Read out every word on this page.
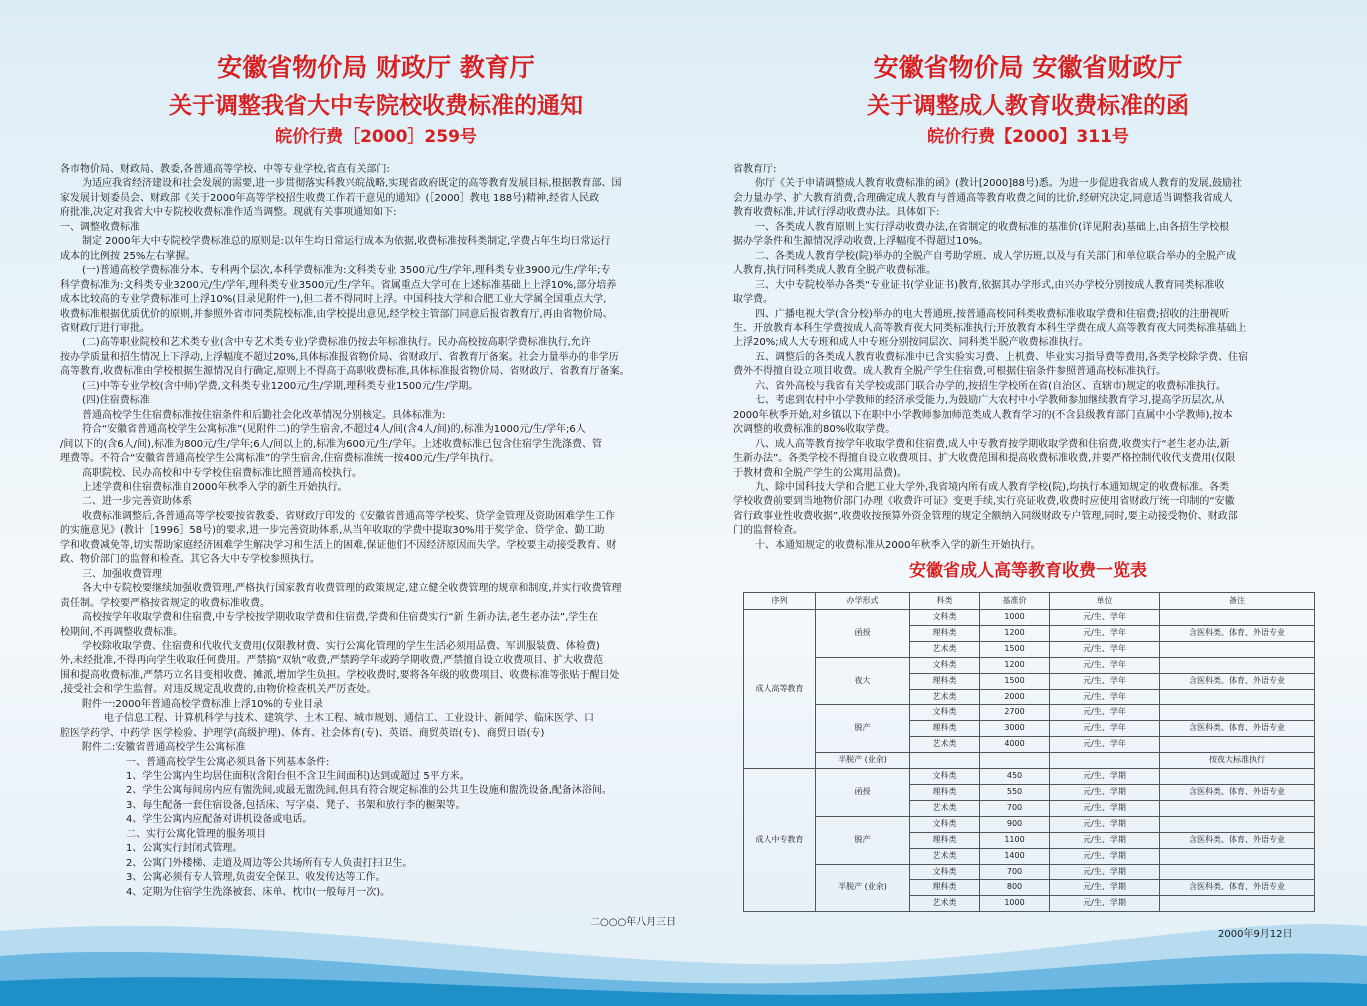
安徽省物价局 财政厅 教育厅
关于调整我省大中专院校收费标准的通知
皖价行费［2000］259号

各市物价局、财政局、教委,各普通高等学校、中等专业学校,省直有关部门:

为适应我省经济建设和社会发展的需要,进一步贯彻落实科教兴皖战略,实现省政府既定的高等教育发展目标,根据教育部、国

家发展计划委员会、财政部《关于2000年高等学校招生收费工作若干意见的通知》(［2000］教电 188号)精神,经省人民政

府批准,决定对我省大中专院校收费标准作适当调整。现就有关事项通知如下:

一、调整收费标准

制定 2000年大中专院校学费标准总的原则是:以年生均日常运行成本为依据,收费标准按科类制定,学费占年生均日常运行

成本的比例按 25%左右掌握。

(一)普通高校学费标准分本、专科两个层次,本科学费标准为:文科类专业 3500元/生/学年,理科类专业3900元/生/学年;专

科学费标准为:文科类专业3200元/生/学年,理科类专业3500元/生/学年。省属重点大学可在上述标准基础上上浮10%,部分培养

成本比较高的专业学费标准可上浮10%(目录见附件一),但二者不得同时上浮。中国科技大学和合肥工业大学属全国重点大学,

收费标准根据优质优价的原则,并参照外省市同类院校标准,由学校提出意见,经学校主管部门同意后报省教育厅,再由省物价局、

省财政厅进行审批。

(二)高等职业院校和艺术类专业(含中专艺术类专业)学费标准仍按去年标准执行。民办高校按高职学费标准执行,允许

按办学质量和招生情况上下浮动,上浮幅度不超过20%,具体标准报省物价局、省财政厅、省教育厅备案。社会力量举办的非学历

高等教育,收费标准由学校根据生源情况自行确定,原则上不得高于高职收费标准,具体标准报省物价局、省财政厅、省教育厅备案。

(三)中等专业学校(含中师)学费,文科类专业1200元/生/学期,理科类专业1500元/生/学期。

(四)住宿费标准

普通高校学生住宿费标准按住宿条件和后勤社会化改革情况分别核定。具体标准为:

符合“安徽省普通高校学生公寓标准”(见附件二)的学生宿舍,不超过4人/间(含4人/间)的,标准为1000元/生/学年;6人

/间以下的(含6人/间),标准为800元/生/学年;6人/间以上的,标准为600元/生/学年。上述收费标准已包含住宿学生洗涤费、管

理费等。不符合“安徽省普通高校学生公寓标准”的学生宿舍,住宿费标准统一按400元/生/学年执行。

高职院校、民办高校和中专学校住宿费标准比照普通高校执行。

上述学费和住宿费标准自2000年秋季入学的新生开始执行。

二、进一步完善资助体系

收费标准调整后,各普通高等学校要按省教委、省财政厅印发的《安徽省普通高等学校奖、贷学金管理及资助困难学生工作

的实施意见》(教计［1996］58号)的要求,进一步完善资助体系,从当年收取的学费中提取30%用于奖学金、贷学金、勤工助

学和收费减免等,切实帮助家庭经济困难学生解决学习和生活上的困难,保证他们不因经济原因而失学。学校要主动接受教育、财

政、物价部门的监督和检查。其它各大中专学校参照执行。

三、加强收费管理

各大中专院校要继续加强收费管理,严格执行国家教育收费管理的政策规定,建立健全收费管理的规章和制度,并实行收费管理

责任制。学校要严格按省规定的收费标准收费。

高校按学年收取学费和住宿费,中专学校按学期收取学费和住宿费,学费和住宿费实行“新 生新办法,老生老办法”,学生在

校期间,不再调整收费标准。

学校除收取学费、住宿费和代收代支费用(仅限教材费、实行公寓化管理的学生生活必须用品费、军训服装费、体检费)

外,未经批准,不得再向学生收取任何费用。严禁搞“双轨”收费,严禁跨学年或跨学期收费,严禁擅自设立收费项目、扩大收费范

围和提高收费标准,严禁巧立名目变相收费、摊派,增加学生负担。学校收费时,要将各年级的收费项目、收费标准等张贴于醒目处

,接受社会和学生监督。对违反规定乱收费的,由物价检查机关严厉查处。

附件一:2000年普通高校学费标准上浮10%的专业目录

电子信息工程、计算机科学与技术、建筑学、土木工程、城市规划、通信工、工业设计、新闻学、临床医学、口

腔医学药学、中药学 医学检验、护理学(高级护理)、体育、社会体育(专)、英语、商贸英语(专)、商贸日语(专)

附件二:安徽省普通高校学生公寓标准

一、普通高校学生公寓必须具备下列基本条件:

1、学生公寓内生均居住面积(含阳台但不含卫生间面积)达到或超过 5平方米。

2、学生公寓每间房内应有盥洗间,或最无盥洗间,但具有符合规定标准的公共卫生设施和盥洗设备,配备沐浴间。

3、每生配备一套住宿设备,包括床、写字桌、凳子、书架和放行李的橱架等。

4、学生公寓内应配备对讲机设备或电话。

二、实行公寓化管理的服务项目

1、公寓实行封闭式管理。

2、公寓门外楼梯、走道及周边等公共场所有专人负责打扫卫生。

3、公寓必须有专人管理,负责安全保卫、收发传达等工作。

4、定期为住宿学生洗涤被套、床单、枕巾(一般每月一次)。

二○○○年八月三日
安徽省物价局 安徽省财政厅
关于调整成人教育收费标准的函
皖价行费【2000】311号

省教育厅:

你厅《关于申请调整成人教育收费标准的函》(教计[2000]88号)悉。为进一步促进我省成人教育的发展,鼓励社

会力量办学、扩大教育消费,合理确定成人教育与普通高等教育收费之间的比价,经研究决定,同意适当调整我省成人

教育收费标准,并试行浮动收费办法。具体如下:

一、各类成人教育原则上实行浮动收费办法,在省制定的收费标准的基准价(详见附表)基础上,由各招生学校根

据办学条件和生源情况浮动收费,上浮幅度不得超过10%。

二、各类成人教育学校(院)举办的全脱产自考助学班、成人学历班,以及与有关部门和单位联合举办的全脱产成

人教育,执行同科类成人教育全脱产收费标准。

三、大中专院校举办各类“专业证书(学业证书)教育,依据其办学形式,由兴办学校分别按成人教育同类标准收

取学费。

四、广播电视大学(含分校)举办的电大普通班,按普通高校同科类收费标准收取学费和住宿费;招收的注册视听

生、开放教育本科生学费按成人高等教育夜大同类标准执行;开放教育本科生学费在成人高等教育夜大同类标准基础上

上浮20%;成人大专班和成人中专班分别按同层次、同科类半脱产收费标准执行。

五、调整后的各类成人教育收费标准中已含实验实习费、上机费、毕业实习指导费等费用,各类学校除学费、住宿

费外不得擅自设立项目收费。成人教育全脱产学生住宿费,可根据住宿条件参照普通高校标准执行。

六、省外高校与我省有关学校或部门联合办学的,按招生学校所在省(自治区、直辖市)规定的收费标准执行。

七、考虑到农村中小学教师的经济承受能力,为鼓励广大农村中小学教师参加继续教育学习,提高学历层次,从

2000年秋季开始,对乡镇以下在职中小学教师参加师范类成人教育学习的(不含县级教育部门直属中小学教师),按本

次调整的收费标准的80%收取学费。

八、成人高等教育按学年收取学费和住宿费,成人中专教育按学期收取学费和住宿费,收费实行“老生老办法,新

生新办法”。各类学校不得擅自设立收费项目、扩大收费范围和提高收费标准收费,并要严格控制代收代支费用(仅限

于教材费和全脱产学生的公寓用品费)。

九、除中国科技大学和合肥工业大学外,我省境内所有成人教育学校(院),均执行本通知规定的收费标准。各类

学校收费前要到当地物价部门办理《收费许可证》变更手续,实行亮证收费,收费时应使用省财政厅统一印制的“安徽

省行政事业性收费收据”,收费收按预算外资金管理的规定全额纳入同级财政专户管理,同时,要主动接受物价、财政部

门的监督检查。

十、本通知规定的收费标准从2000年秋季入学的新生开始执行。

安徽省成人高等教育收费一览表
序列	办学形式	科类	基准价	单位	备注
成人高等教育	函授	文科类	1000	元/生、学年	
		理科类	1200	元/生、学年	含医科类、体育、外语专业
		艺术类	1500	元/生、学年	
	夜大	文科类	1200	元/生、学年	
		理科类	1500	元/生、学年	含医科类、体育、外语专业
		艺术类	2000	元/生、学年	
	脱产	文科类	2700	元/生、学年	
		理科类	3000	元/生、学年	含医科类、体育、外语专业
		艺术类	4000	元/生、学年	
	半脱产 (业余)				按夜大标准执行
成人中专教育	函授	文科类	450	元/生、学期	
		理科类	550	元/生、学期	含医科类、体育、外语专业
		艺术类	700	元/生、学期	
	脱产	文科类	900	元/生、学期	
		理科类	1100	元/生、学期	含医科类、体育、外语专业
		艺术类	1400	元/生、学期	
	半脱产 (业余)	文科类	700	元/生、学期	
		理科类	800	元/生、学期	含医科类、体育、外语专业
		艺术类	1000	元/生、学期	
2000年9月12日
